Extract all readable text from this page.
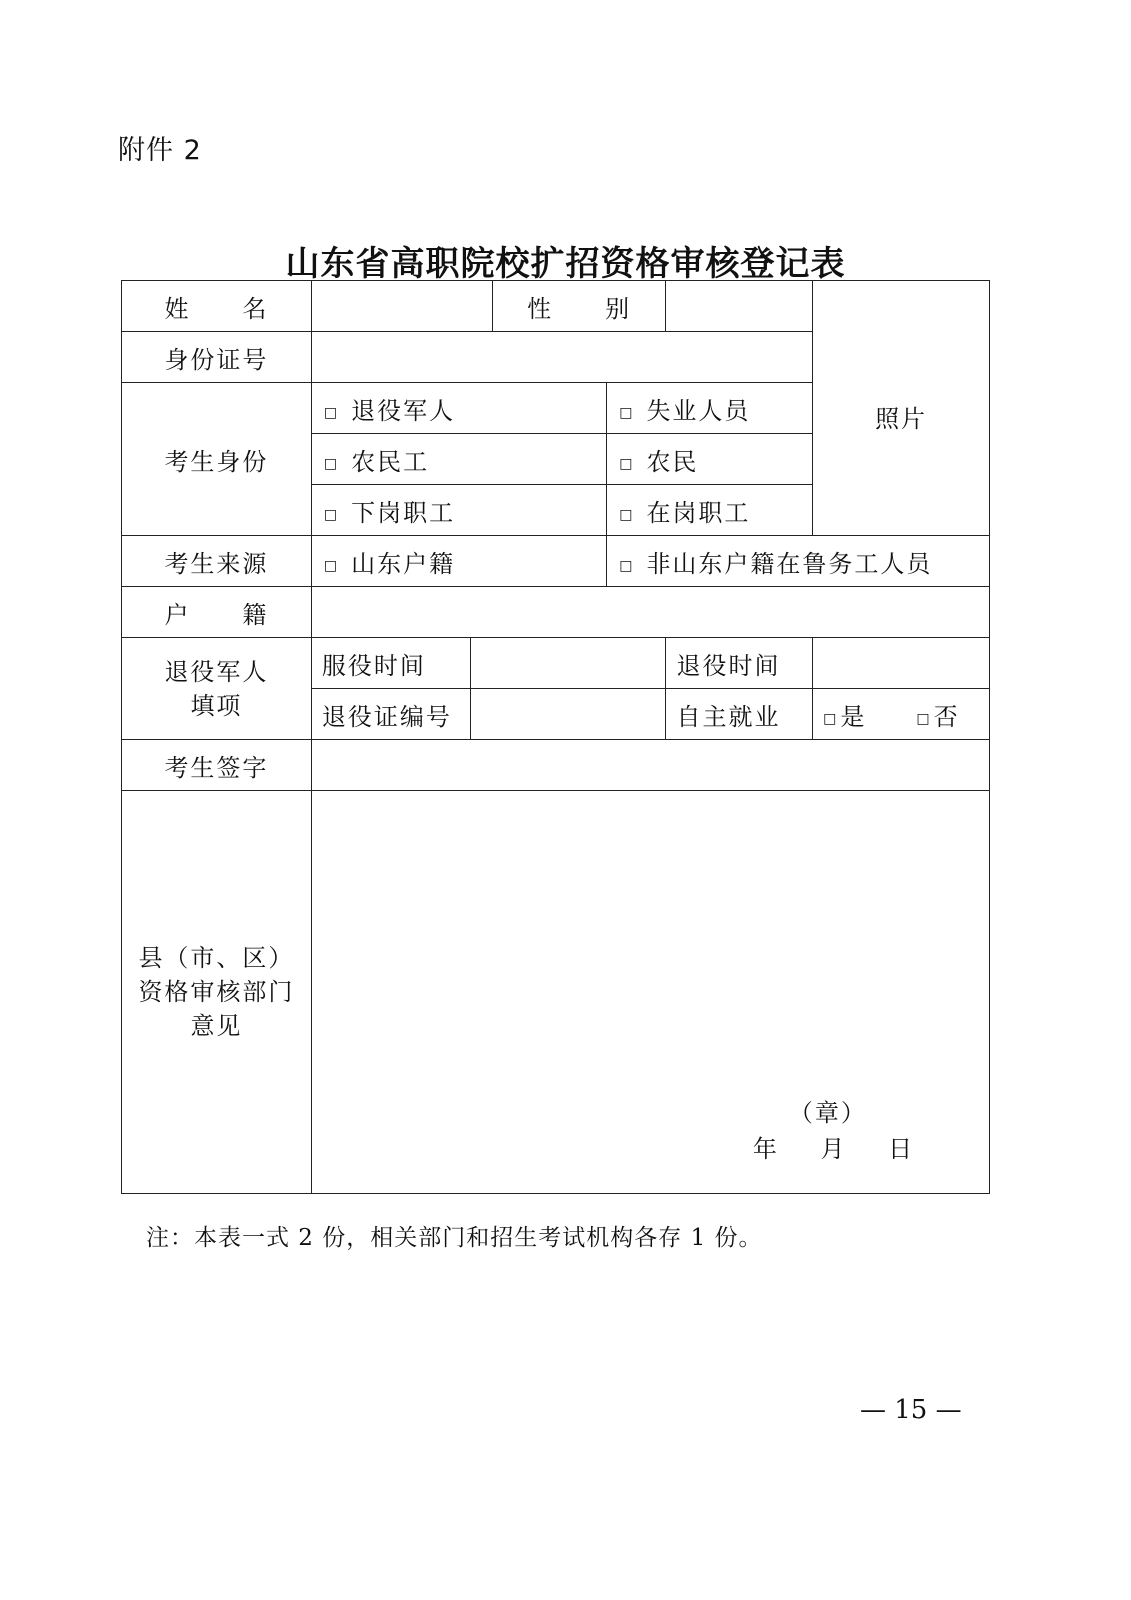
附件 2
山东省高职院校扩招资格审核登记表
姓　　名			性　　别			照片
身份证号						
考生身份	□ 退役军人			□ 失业人员		
	□ 农民工			□ 农民		
	□ 下岗职工			□ 在岗职工		
考生来源	□ 山东户籍			□ 非山东户籍在鲁务工人员		
户　　籍						
退役军人填项	服役时间				退役时间	
	退役证编号				自主就业	□是 □否
考生签字						
县（市、区）资格审核部门意见	（章）
年 月 日					
注：本表一式 2 份，相关部门和招生考试机构各存 1 份。
— 15 —
